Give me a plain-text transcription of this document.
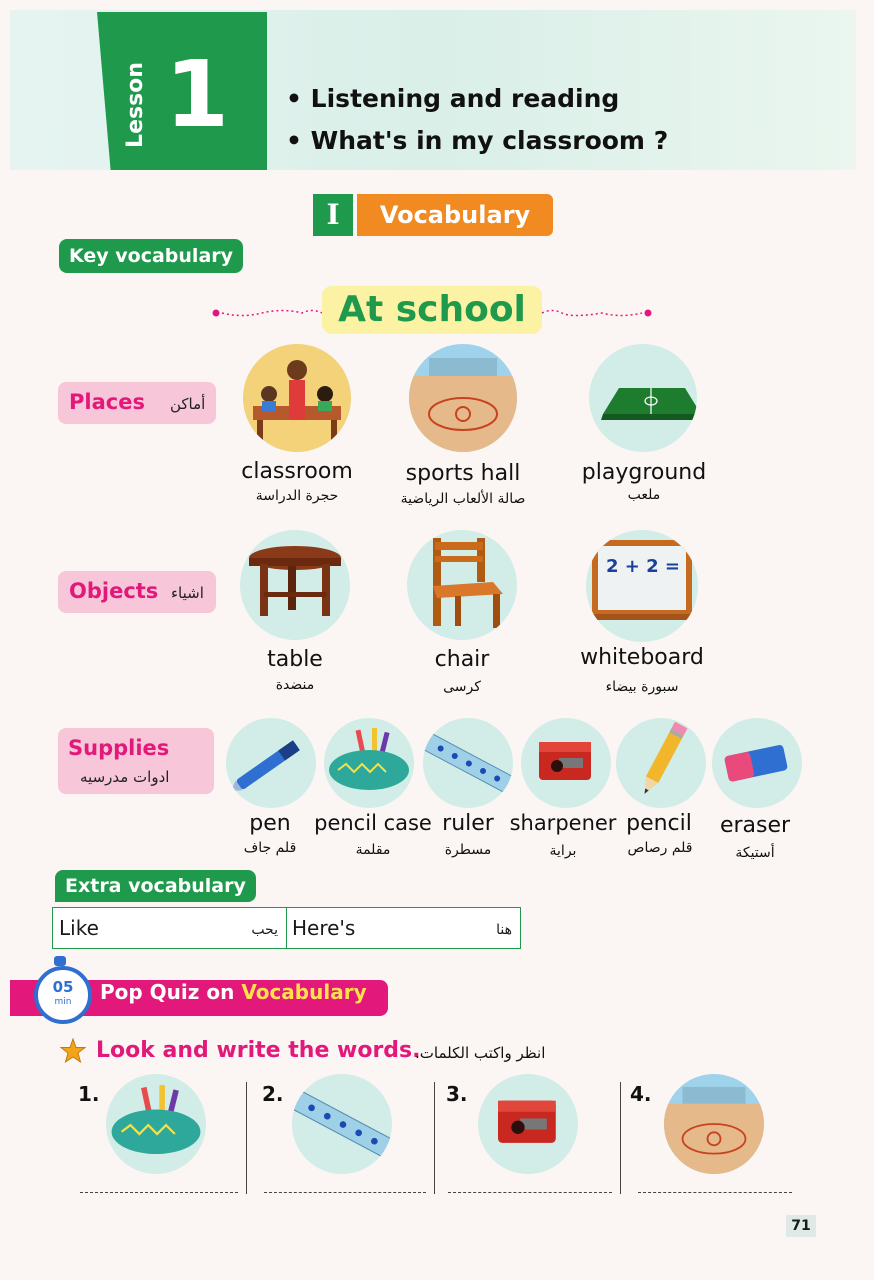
Lesson 1 • Listening and reading
• What's in my classroom ?
I	Vocabulary
Key vocabulary
At school
Places أماكن
classroom
حجرة الدراسة
sports hall
صالة الألعاب الرياضية
playground
ملعب
Objects اشياء
2 + 2 =
table
منضدة
chair
كرسى
whiteboard
سبورة بيضاء
Supplies
ادوات مدرسيه
pen
قلم جاف
pencil case
مقلمة
ruler
مسطرة
sharpener
براية
pencil
قلم رصاص
eraser
أستيكة
Extra vocabulary
Like	يحب Here's	هنا
05
min	Pop Quiz on Vocabulary
Look and write the words.
انظر واكتب الكلمات.
1.	2.	3.	4.
71
